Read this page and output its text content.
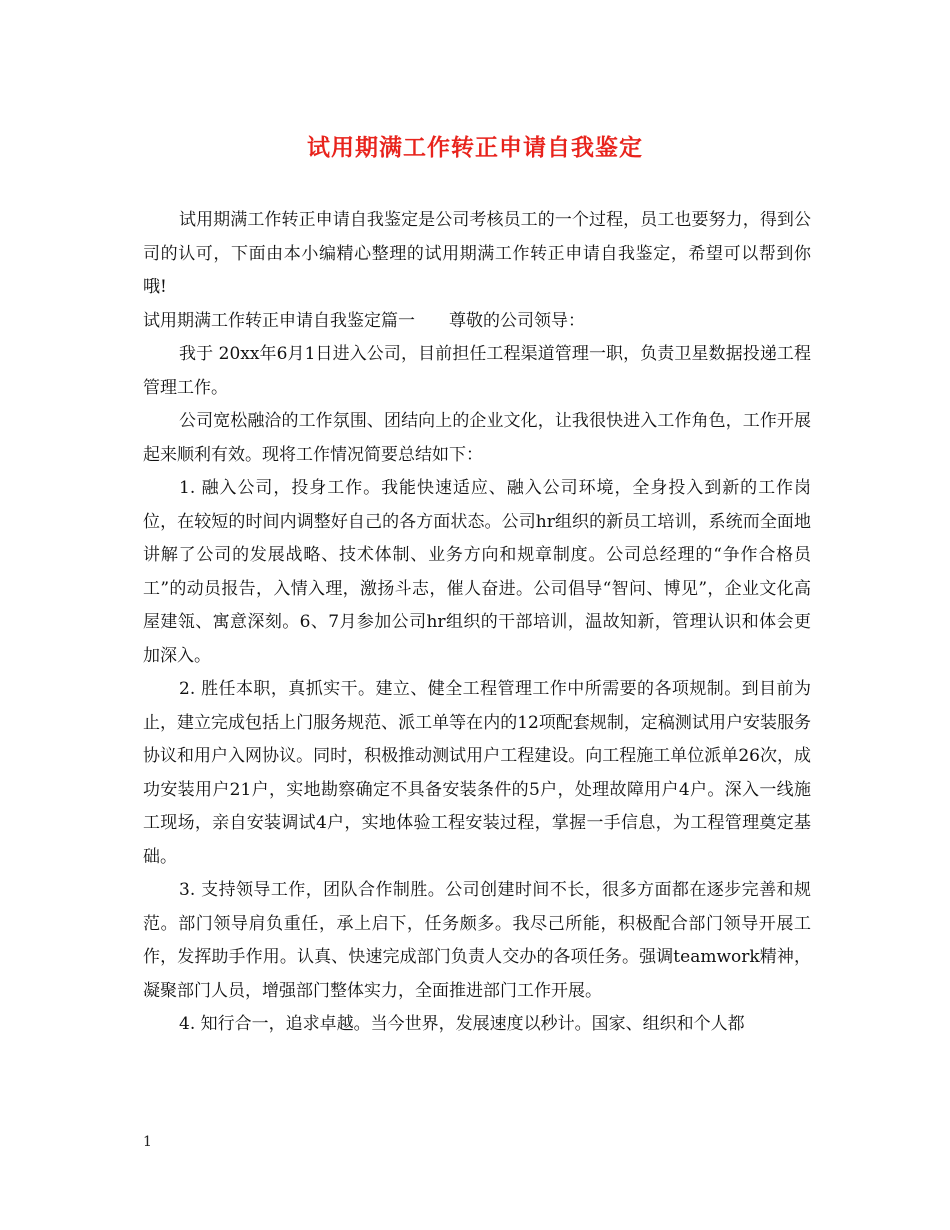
试用期满工作转正申请自我鉴定

试用期满工作转正申请自我鉴定是公司考核员工的一个过程，员工也要努力，得到公司的认可，下面由本小编精心整理的试用期满工作转正申请自我鉴定，希望可以帮到你哦!

试用期满工作转正申请自我鉴定篇一　　尊敬的公司领导：

我于 20xx年6月1日进入公司，目前担任工程渠道管理一职，负责卫星数据投递工程管理工作。

公司宽松融洽的工作氛围、团结向上的企业文化，让我很快进入工作角色，工作开展起来顺利有效。现将工作情况简要总结如下：

1. 融入公司，投身工作。我能快速适应、融入公司环境，全身投入到新的工作岗位，在较短的时间内调整好自己的各方面状态。公司hr组织的新员工培训，系统而全面地讲解了公司的发展战略、技术体制、业务方向和规章制度。公司总经理的“争作合格员工”的动员报告，入情入理，激扬斗志，催人奋进。公司倡导“智问、博见”，企业文化高屋建瓴、寓意深刻。6、7月参加公司hr组织的干部培训，温故知新，管理认识和体会更加深入。

2. 胜任本职，真抓实干。建立、健全工程管理工作中所需要的各项规制。到目前为止，建立完成包括上门服务规范、派工单等在内的12项配套规制，定稿测试用户安装服务协议和用户入网协议。同时，积极推动测试用户工程建设。向工程施工单位派单26次，成功安装用户21户，实地勘察确定不具备安装条件的5户，处理故障用户4户。深入一线施工现场，亲自安装调试4户，实地体验工程安装过程，掌握一手信息，为工程管理奠定基础。

3. 支持领导工作，团队合作制胜。公司创建时间不长，很多方面都在逐步完善和规范。部门领导肩负重任，承上启下，任务颇多。我尽己所能，积极配合部门领导开展工作，发挥助手作用。认真、快速完成部门负责人交办的各项任务。强调teamwork精神，凝聚部门人员，增强部门整体实力，全面推进部门工作开展。

4. 知行合一，追求卓越。当今世界，发展速度以秒计。国家、组织和个人都

1
